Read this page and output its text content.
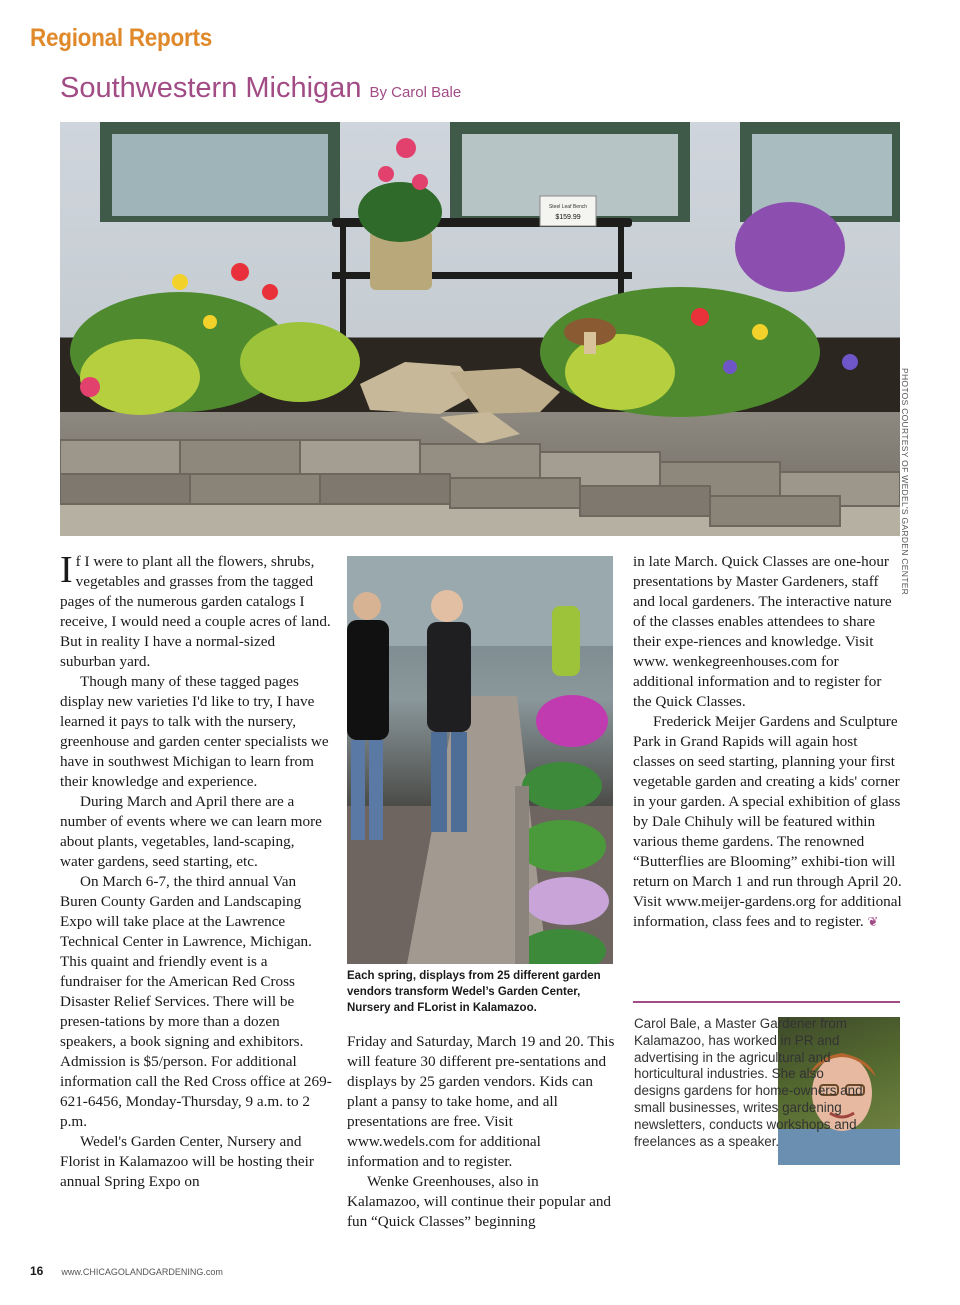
Regional Reports
Southwestern Michigan By Carol Bale
Steel Leaf Bench
$159.99
PHOTOS COURTESY OF WEDEL'S GARDEN CENTER

If I were to plant all the flowers, shrubs, vegetables and grasses from the tagged pages of the numerous garden catalogs I receive, I would need a couple acres of land. But in reality I have a normal-sized suburban yard.

Though many of these tagged pages display new varieties I'd like to try, I have learned it pays to talk with the nursery, greenhouse and garden center specialists we have in southwest Michigan to learn from their knowledge and experience.

During March and April there are a number of events where we can learn more about plants, vegetables, land-scaping, water gardens, seed starting, etc.

On March 6-7, the third annual Van Buren County Garden and Landscaping Expo will take place at the Lawrence Technical Center in Lawrence, Michigan. This quaint and friendly event is a fundraiser for the American Red Cross Disaster Relief Services. There will be presen-tations by more than a dozen speakers, a book signing and exhibitors. Admission is $5/person. For additional information call the Red Cross office at 269-621-6456, Monday-Thursday, 9 a.m. to 2 p.m.

Wedel's Garden Center, Nursery and Florist in Kalamazoo will be hosting their annual Spring Expo on

Each spring, displays from 25 different garden vendors transform Wedel’s Garden Center, Nursery and FLorist in Kalamazoo.

Friday and Saturday, March 19 and 20. This will feature 30 different pre-sentations and displays by 25 garden vendors. Kids can plant a pansy to take home, and all presentations are free. Visit www.wedels.com for additional information and to register.

Wenke Greenhouses, also in Kalamazoo, will continue their popular and fun “Quick Classes” beginning

in late March. Quick Classes are one-hour presentations by Master Gardeners, staff and local gardeners. The interactive nature of the classes enables attendees to share their expe-riences and knowledge. Visit www. wenkegreenhouses.com for additional information and to register for the Quick Classes.

Frederick Meijer Gardens and Sculpture Park in Grand Rapids will again host classes on seed starting, planning your first vegetable garden and creating a kids' corner in your garden. A special exhibition of glass by Dale Chihuly will be featured within various theme gardens. The renowned “Butterflies are Blooming” exhibi-tion will return on March 1 and run through April 20. Visit www.meijer-gardens.org for additional information, class fees and to register. ❦

Carol Bale, a Master Gardener from Kalamazoo, has worked in PR and advertising in the agricultural and horticultural industries. She also designs gardens for home-owners and small businesses, writes gardening newsletters, conducts workshops and freelances as a speaker.
16 www.CHICAGOLANDGARDENING.com
